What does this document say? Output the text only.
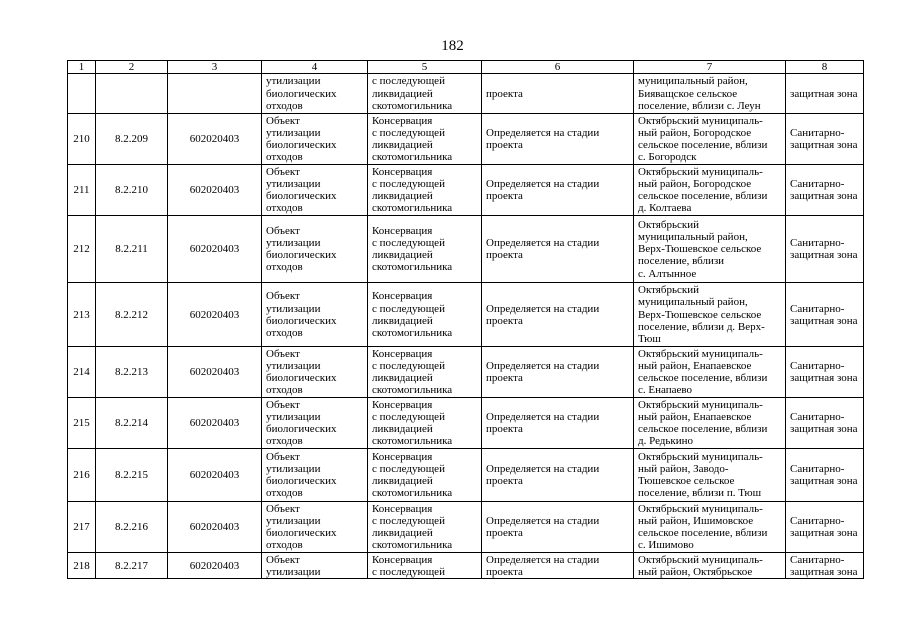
182
1	2	3	4	5	6	7	8
			утилизации
биологических
отходов	с последующей
ликвидацией
скотомогильника	проекта	муниципальный район,
Бияващское сельское
поселение, вблизи с. Леун	защитная зона
210	8.2.209	602020403	Объект
утилизации
биологических
отходов	Консервация
с последующей
ликвидацией
скотомогильника	Определяется на стадии
проекта	Октябрьский муниципаль-
ный район, Богородское
сельское поселение, вблизи
с. Богородск	Санитарно-
защитная зона
211	8.2.210	602020403	Объект
утилизации
биологических
отходов	Консервация
с последующей
ликвидацией
скотомогильника	Определяется на стадии
проекта	Октябрьский муниципаль-
ный район, Богородское
сельское поселение, вблизи
д. Колтаева	Санитарно-
защитная зона
212	8.2.211	602020403	Объект
утилизации
биологических
отходов	Консервация
с последующей
ликвидацией
скотомогильника	Определяется на стадии
проекта	Октябрьский
муниципальный район,
Верх-Тюшевское сельское
поселение, вблизи
с. Алтынное	Санитарно-
защитная зона
213	8.2.212	602020403	Объект
утилизации
биологических
отходов	Консервация
с последующей
ликвидацией
скотомогильника	Определяется на стадии
проекта	Октябрьский
муниципальный район,
Верх-Тюшевское сельское
поселение, вблизи д. Верх-
Тюш	Санитарно-
защитная зона
214	8.2.213	602020403	Объект
утилизации
биологических
отходов	Консервация
с последующей
ликвидацией
скотомогильника	Определяется на стадии
проекта	Октябрьский муниципаль-
ный район, Енапаевское
сельское поселение, вблизи
с. Енапаево	Санитарно-
защитная зона
215	8.2.214	602020403	Объект
утилизации
биологических
отходов	Консервация
с последующей
ликвидацией
скотомогильника	Определяется на стадии
проекта	Октябрьский муниципаль-
ный район, Енапаевское
сельское поселение, вблизи
д. Редькино	Санитарно-
защитная зона
216	8.2.215	602020403	Объект
утилизации
биологических
отходов	Консервация
с последующей
ликвидацией
скотомогильника	Определяется на стадии
проекта	Октябрьский муниципаль-
ный район, Заводо-
Тюшевское сельское
поселение, вблизи п. Тюш	Санитарно-
защитная зона
217	8.2.216	602020403	Объект
утилизации
биологических
отходов	Консервация
с последующей
ликвидацией
скотомогильника	Определяется на стадии
проекта	Октябрьский муниципаль-
ный район, Ишимовское
сельское поселение, вблизи
с. Ишимово	Санитарно-
защитная зона
218	8.2.217	602020403	Объект
утилизации	Консервация
с последующей	Определяется на стадии
проекта	Октябрьский муниципаль-
ный район, Октябрьское	Санитарно-
защитная зона
